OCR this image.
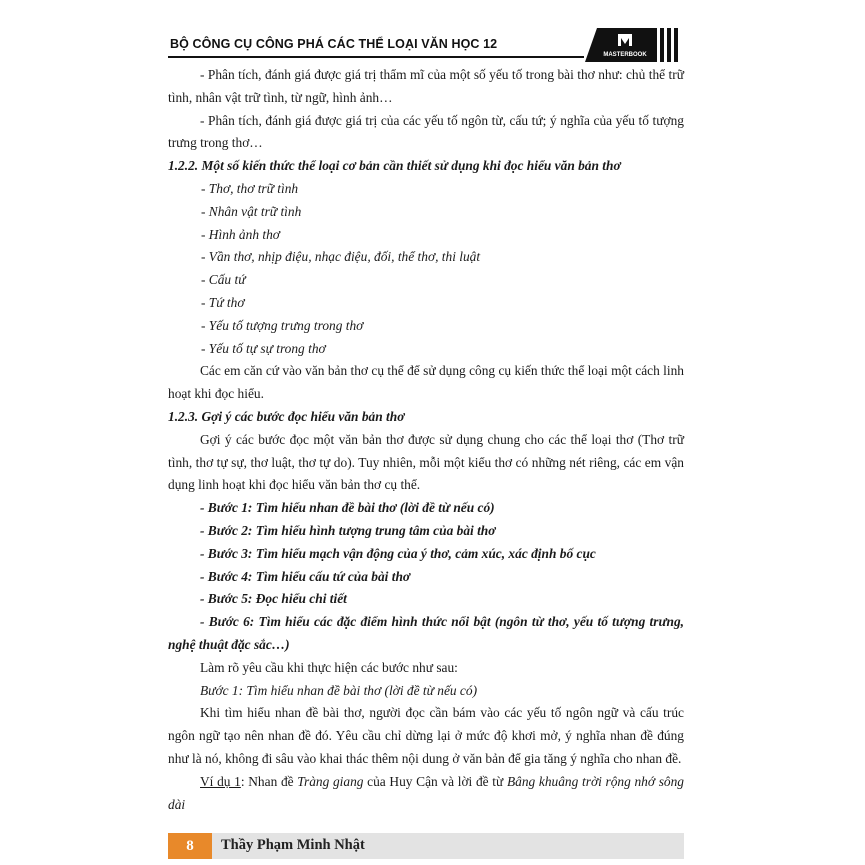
BỘ CÔNG CỤ CÔNG PHÁ CÁC THỂ LOẠI VĂN HỌC 12
MASTERBOOK

- Phân tích, đánh giá được giá trị thẩm mĩ của một số yếu tố trong bài thơ như: chủ thể trữ tình, nhân vật trữ tình, từ ngữ, hình ảnh…

- Phân tích, đánh giá được giá trị của các yếu tố ngôn từ, cấu tứ; ý nghĩa của yếu tố tượng trưng trong thơ…

1.2.2. Một số kiến thức thể loại cơ bản cần thiết sử dụng khi đọc hiểu văn bản thơ

- Thơ, thơ trữ tình

- Nhân vật trữ tình

- Hình ảnh thơ

- Vần thơ, nhịp điệu, nhạc điệu, đối, thể thơ, thi luật

- Cấu tứ

- Tứ thơ

- Yếu tố tượng trưng trong thơ

- Yếu tố tự sự trong thơ

Các em căn cứ vào văn bản thơ cụ thể để sử dụng công cụ kiến thức thể loại một cách linh hoạt khi đọc hiểu.

1.2.3. Gợi ý các bước đọc hiểu văn bản thơ

Gợi ý các bước đọc một văn bản thơ được sử dụng chung cho các thể loại thơ (Thơ trữ tình, thơ tự sự, thơ luật, thơ tự do). Tuy nhiên, mỗi một kiểu thơ có những nét riêng, các em vận dụng linh hoạt khi đọc hiểu văn bản thơ cụ thể.

- Bước 1: Tìm hiểu nhan đề bài thơ (lời đề từ nếu có)

- Bước 2: Tìm hiểu hình tượng trung tâm của bài thơ

- Bước 3: Tìm hiểu mạch vận động của ý thơ, cảm xúc, xác định bố cục

- Bước 4: Tìm hiểu cấu tứ của bài thơ

- Bước 5: Đọc hiểu chi tiết

- Bước 6: Tìm hiểu các đặc điểm hình thức nổi bật (ngôn từ thơ, yếu tố tượng trưng, nghệ thuật đặc sắc…)

Làm rõ yêu cầu khi thực hiện các bước như sau:

Bước 1: Tìm hiểu nhan đề bài thơ (lời đề từ nếu có)

Khi tìm hiểu nhan đề bài thơ, người đọc cần bám vào các yếu tố ngôn ngữ và cấu trúc ngôn ngữ tạo nên nhan đề đó. Yêu cầu chỉ dừng lại ở mức độ khơi mở, ý nghĩa nhan đề đúng như là nó, không đi sâu vào khai thác thêm nội dung ở văn bản để gia tăng ý nghĩa cho nhan đề.

Ví dụ 1: Nhan đề Tràng giang của Huy Cận và lời đề từ Bâng khuâng trời rộng nhớ sông dài

8	Thầy Phạm Minh Nhật
